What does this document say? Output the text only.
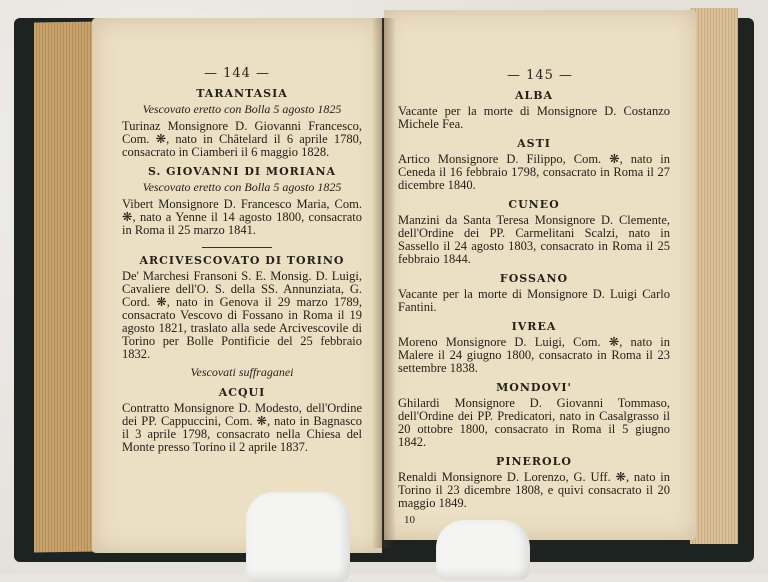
— 144 —
TARANTASIA
Vescovato eretto con Bolla 5 agosto 1825
Turinaz Monsignore D. Giovanni Francesco, Com. ❋, nato in Châtelard il 6 aprile 1780, consacrato in Ciamberi il 6 maggio 1828.
S. GIOVANNI DI MORIANA
Vescovato eretto con Bolla 5 agosto 1825
Vibert Monsignore D. Francesco Maria, Com. ❋, nato a Yenne il 14 agosto 1800, consacrato in Roma il 25 marzo 1841.
ARCIVESCOVATO DI TORINO
De' Marchesi Fransoni S. E. Monsig. D. Luigi, Cavaliere dell'O. S. della SS. Annunziata, G. Cord. ❋, nato in Genova il 29 marzo 1789, consacrato Vescovo di Fossano in Roma il 19 agosto 1821, traslato alla sede Arcivescovile di Torino per Bolle Pontificie del 25 febbraio 1832.
Vescovati suffraganei
ACQUI
Contratto Monsignore D. Modesto, dell'Ordine dei PP. Cappuccini, Com. ❋, nato in Bagnasco il 3 aprile 1798, consacrato nella Chiesa del Monte presso Torino il 2 aprile 1837.
— 145 —
ALBA
Vacante per la morte di Monsignore D. Costanzo Michele Fea.
ASTI
Artico Monsignore D. Filippo, Com. ❋, nato in Ceneda il 16 febbraio 1798, consacrato in Roma il 27 dicembre 1840.
CUNEO
Manzini da Santa Teresa Monsignore D. Clemente, dell'Ordine dei PP. Carmelitani Scalzi, nato in Sassello il 24 agosto 1803, consacrato in Roma il 25 febbraio 1844.
FOSSANO
Vacante per la morte di Monsignore D. Luigi Carlo Fantini.
IVREA
Moreno Monsignore D. Luigi, Com. ❋, nato in Malere il 24 giugno 1800, consacrato in Roma il 23 settembre 1838.
MONDOVI'
Ghilardi Monsignore D. Giovanni Tommaso, dell'Ordine dei PP. Predicatori, nato in Casalgrasso il 20 ottobre 1800, consacrato in Roma il 5 giugno 1842.
PINEROLO
Renaldi Monsignore D. Lorenzo, G. Uff. ❋, nato in Torino il 23 dicembre 1808, e quivi consacrato il 20 maggio 1849.
10
